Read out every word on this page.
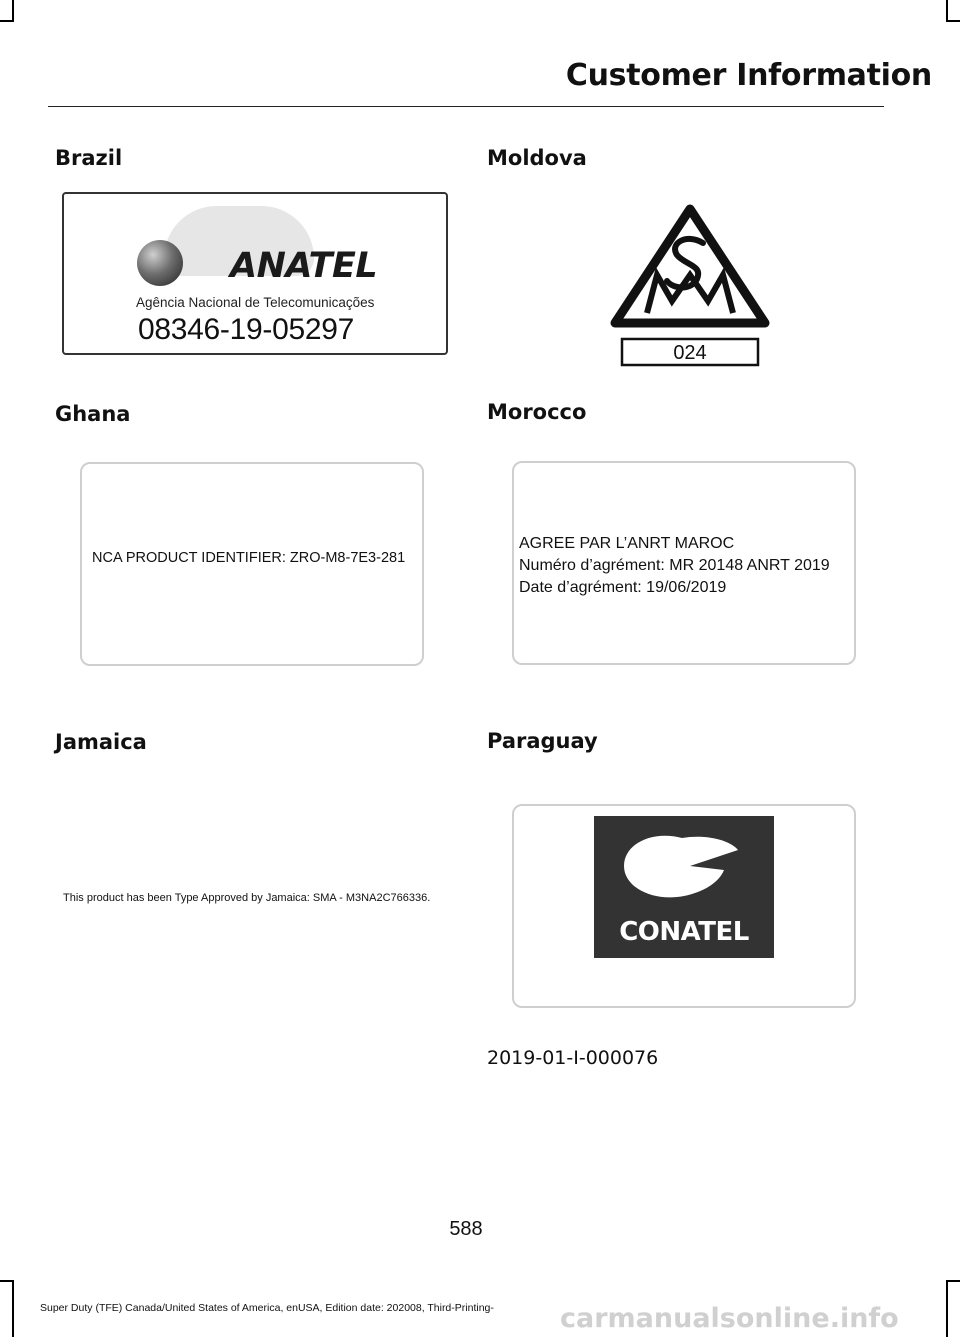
Customer Information
Brazil
ANATEL
Agência Nacional de Telecomunicações
08346-19-05297
Ghana
NCA PRODUCT IDENTIFIER: ZRO-M8-7E3-281
Jamaica
This product has been Type Approved by Jamaica: SMA - M3NA2C766336.
Moldova
024
Morocco
AGREE PAR L’ANRT MAROC
Numéro d’agrément: MR 20148 ANRT 2019
Date d’agrément: 19/06/2019
Paraguay
CONATEL
2019-01-I-000076
588
Super Duty (TFE) Canada/United States of America, enUSA, Edition date: 202008, Third-Printing- carmanualsonline.info
